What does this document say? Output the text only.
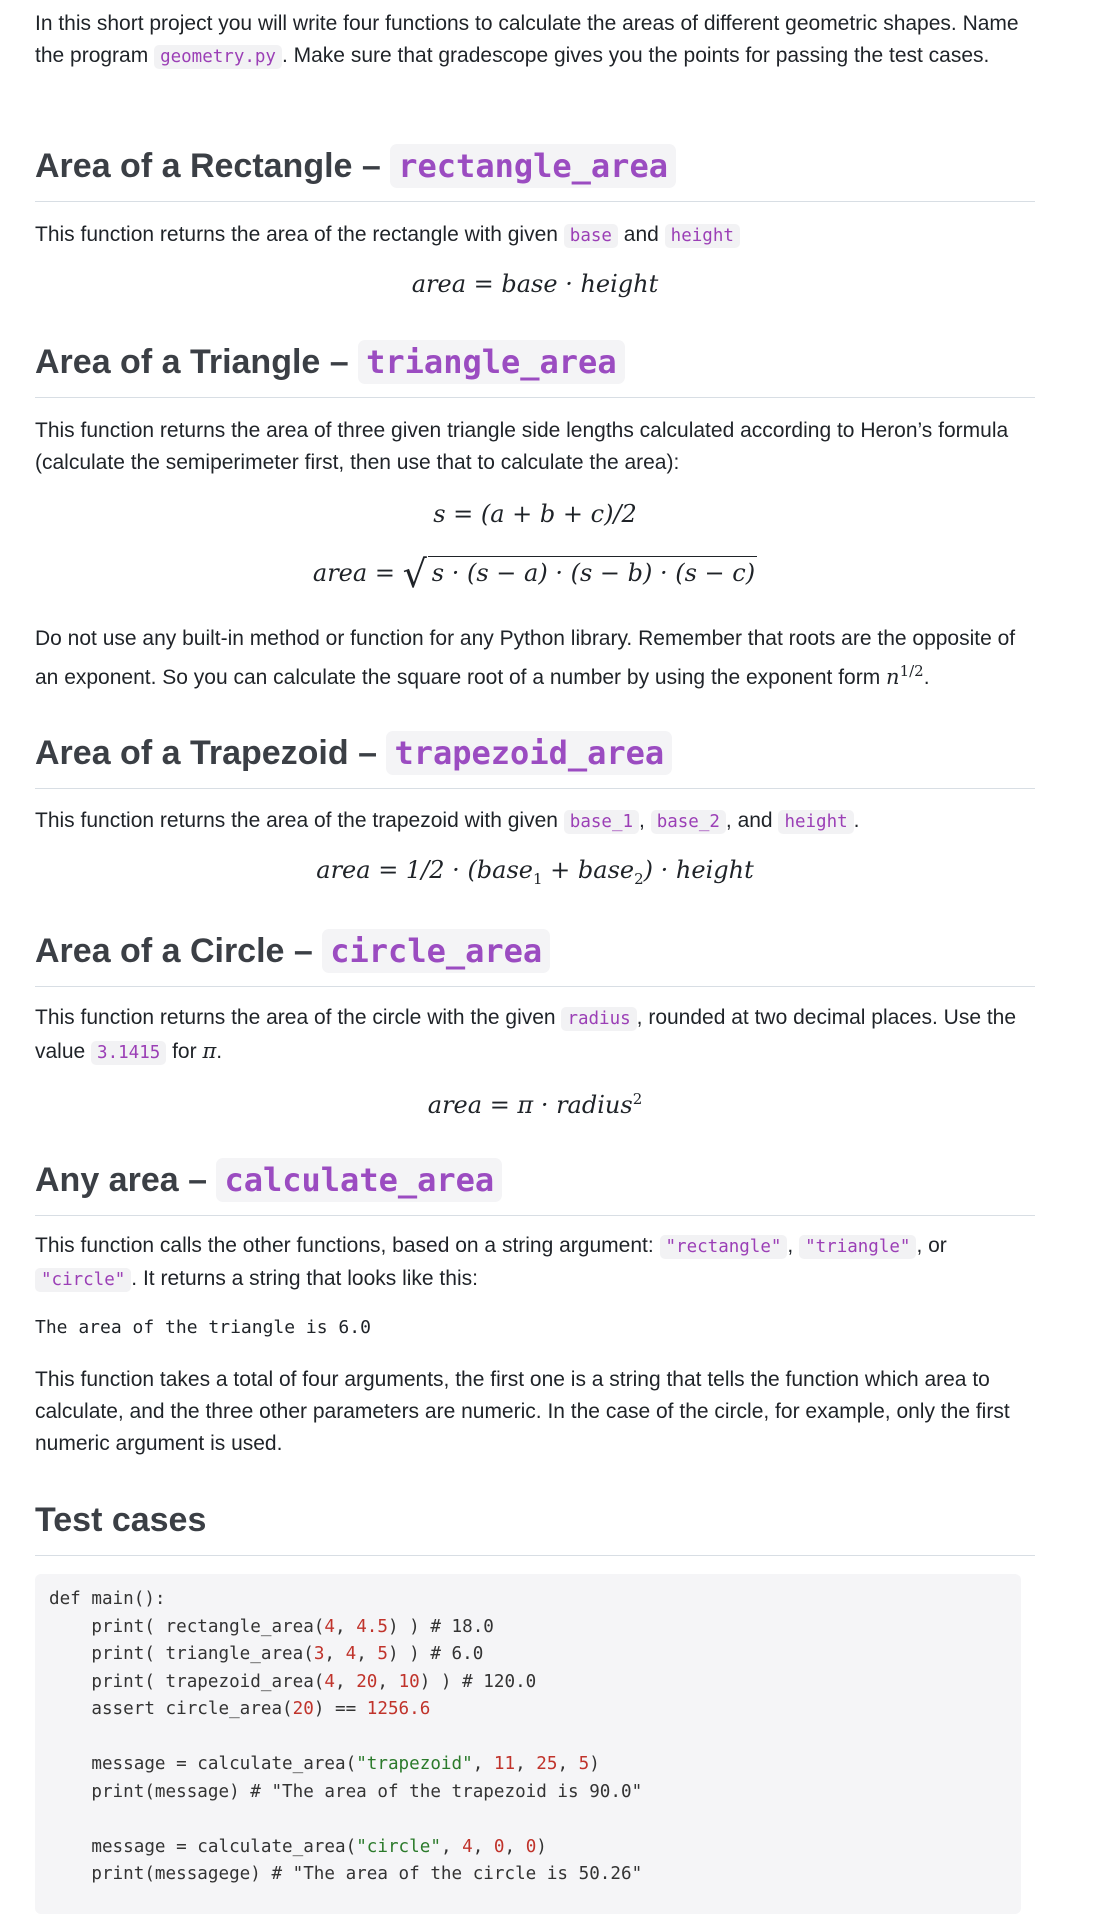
In this short project you will write four functions to calculate the areas of different geometric shapes. Name the program geometry.py . Make sure that gradescope gives you the points for passing the test cases.

Area of a Rectangle – rectangle_area

This function returns the area of the rectangle with given base and height

area = base · height
Area of a Triangle – triangle_area

This function returns the area of three given triangle side lengths calculated according to Heron’s formula (calculate the semiperimeter first, then use that to calculate the area):

s = (a + b + c)/2
area = √ s · (s − a) · (s − b) · (s − c)

Do not use any built-in method or function for any Python library. Remember that roots are the opposite of an exponent. So you can calculate the square root of a number by using the exponent form $n^{1/2}$.

Area of a Trapezoid – trapezoid_area

This function returns the area of the trapezoid with given base_1 , base_2 , and height .

area = 1/2 · (base$_1$ + base$_2$) · height
Area of a Circle – circle_area

This function returns the area of the circle with the given radius , rounded at two decimal places. Use the value 3.1415 for π.

area = π · radius$^2$
Any area – calculate_area

This function calls the other functions, based on a string argument: "rectangle" , "triangle" , or "circle" . It returns a string that looks like this:

The area of the triangle is 6.0

This function takes a total of four arguments, the first one is a string that tells the function which area to calculate, and the three other parameters are numeric. In the case of the circle, for example, only the first numeric argument is used.

Test cases
def main():
print( rectangle_area(4, 4.5) ) # 18.0
print( triangle_area(3, 4, 5) ) # 6.0
print( trapezoid_area(4, 20, 10) ) # 120.0
assert circle_area(20) == 1256.6

message = calculate_area("trapezoid", 11, 25, 5)
print(message) # "The area of the trapezoid is 90.0"

message = calculate_area("circle", 4, 0, 0)
print(messagege) # "The area of the circle is 50.26"
